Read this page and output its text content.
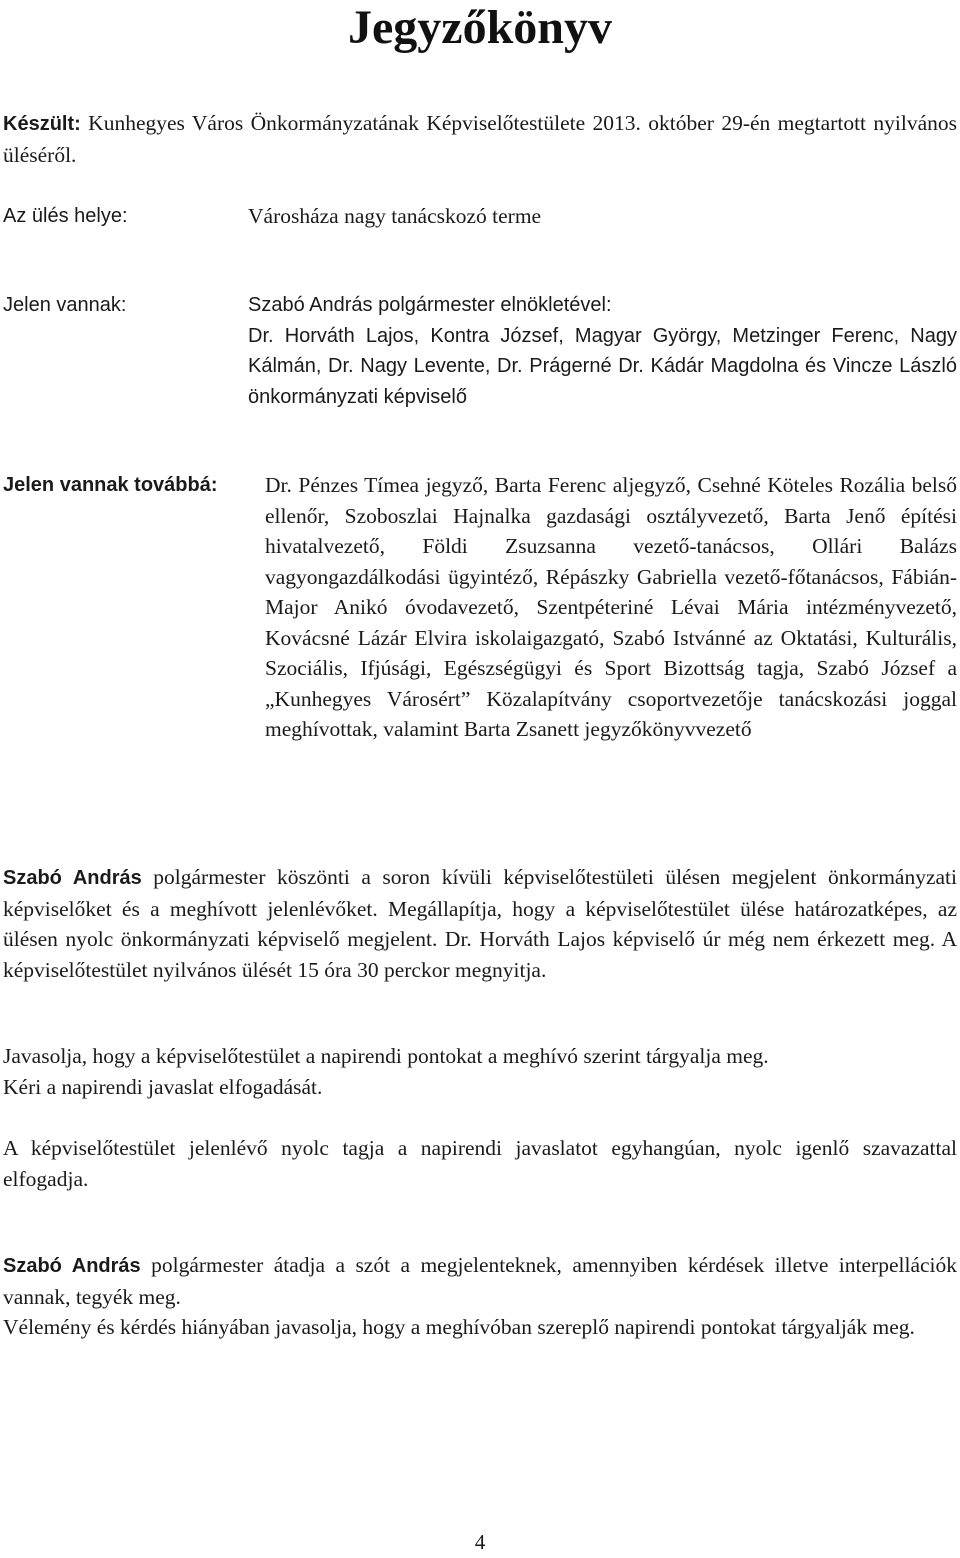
Jegyzőkönyv
Készült: Kunhegyes Város Önkormányzatának Képviselőtestülete 2013. október 29-én megtartott nyilvános üléséről.
Az ülés helye:	Városháza nagy tanácskozó terme
Jelen vannak:	Szabó András polgármester elnökletével:
Dr. Horváth Lajos, Kontra József, Magyar György, Metzinger Ferenc, Nagy Kálmán, Dr. Nagy Levente, Dr. Prágerné Dr. Kádár Magdolna és Vincze László önkormányzati képviselő
Jelen vannak továbbá: Dr. Pénzes Tímea jegyző, Barta Ferenc aljegyző, Csehné Köteles Rozália belső ellenőr, Szoboszlai Hajnalka gazdasági osztályvezető, Barta Jenő építési hivatalvezető, Földi Zsuzsanna vezető-tanácsos, Ollári Balázs vagyongazdálkodási ügyintéző, Répászky Gabriella vezető-főtanácsos, Fábián-Major Anikó óvodavezető, Szentpéteriné Lévai Mária intézményvezető, Kovácsné Lázár Elvira iskolaigazgató, Szabó Istvánné az Oktatási, Kulturális, Szociális, Ifjúsági, Egészségügyi és Sport Bizottság tagja, Szabó József a „Kunhegyes Városért” Közalapítvány csoportvezetője tanácskozási joggal meghívottak, valamint Barta Zsanett jegyzőkönyvvezető
Szabó András polgármester köszönti a soron kívüli képviselőtestületi ülésen megjelent önkormányzati képviselőket és a meghívott jelenlévőket. Megállapítja, hogy a képviselőtestület ülése határozatképes, az ülésen nyolc önkormányzati képviselő megjelent. Dr. Horváth Lajos képviselő úr még nem érkezett meg. A képviselőtestület nyilvános ülését 15 óra 30 perckor megnyitja.
Javasolja, hogy a képviselőtestület a napirendi pontokat a meghívó szerint tárgyalja meg.
Kéri a napirendi javaslat elfogadását.
A képviselőtestület jelenlévő nyolc tagja a napirendi javaslatot egyhangúan, nyolc igenlő szavazattal elfogadja.
Szabó András polgármester átadja a szót a megjelenteknek, amennyiben kérdések illetve interpellációk vannak, tegyék meg.
Vélemény és kérdés hiányában javasolja, hogy a meghívóban szereplő napirendi pontokat tárgyalják meg.
4
